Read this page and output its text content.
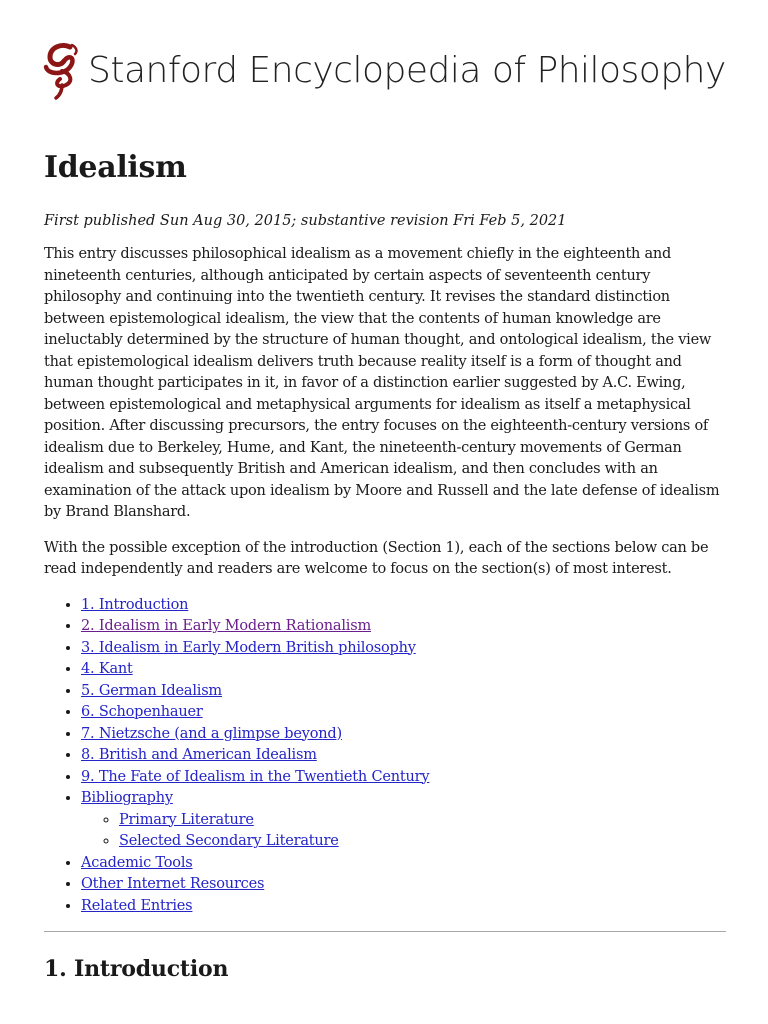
Stanford Encyclopedia of Philosophy
Idealism
First published Sun Aug 30, 2015; substantive revision Fri Feb 5, 2021

This entry discusses philosophical idealism as a movement chiefly in the eighteenth and nineteenth centuries, although anticipated by certain aspects of seventeenth century philosophy and continuing into the twentieth century. It revises the standard distinction between epistemological idealism, the view that the contents of human knowledge are ineluctably determined by the structure of human thought, and ontological idealism, the view that epistemological idealism delivers truth because reality itself is a form of thought and human thought participates in it, in favor of a distinction earlier suggested by A.C. Ewing, between epistemological and metaphysical arguments for idealism as itself a metaphysical position. After discussing precursors, the entry focuses on the eighteenth-century versions of idealism due to Berkeley, Hume, and Kant, the nineteenth-century movements of German idealism and subsequently British and American idealism, and then concludes with an examination of the attack upon idealism by Moore and Russell and the late defense of idealism by Brand Blanshard.

With the possible exception of the introduction (Section 1), each of the sections below can be read independently and readers are welcome to focus on the section(s) of most interest.

• 1. Introduction
• 2. Idealism in Early Modern Rationalism
• 3. Idealism in Early Modern British philosophy
• 4. Kant
• 5. German Idealism
• 6. Schopenhauer
• 7. Nietzsche (and a glimpse beyond)
• 8. British and American Idealism
• 9. The Fate of Idealism in the Twentieth Century
• Bibliography
◦ Primary Literature
◦ Selected Secondary Literature
• Academic Tools
• Other Internet Resources
• Related Entries
1. Introduction
